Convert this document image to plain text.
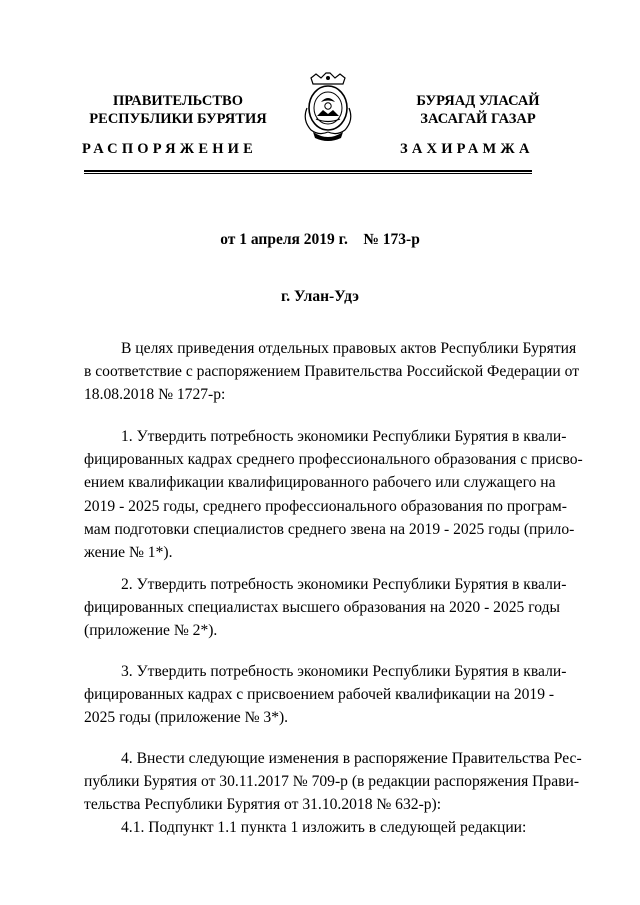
ПРАВИТЕЛЬСТВО
РЕСПУБЛИКИ БУРЯТИЯ
БУРЯАД УЛАСАЙ
ЗАСАГАЙ ГАЗАР
РАСПОРЯЖЕНИЕ	ЗАХИРАМЖА
от 1 апреля 2019 г. № 173-р
г. Улан-Удэ
В целях приведения отдельных правовых актов Республики Бурятия
в соответствие с распоряжением Правительства Российской Федерации от
18.08.2018 № 1727-р:
1. Утвердить потребность экономики Республики Бурятия в квали-
фицированных кадрах среднего профессионального образования с присво-
ением квалификации квалифицированного рабочего или служащего на
2019 - 2025 годы, среднего профессионального образования по програм-
мам подготовки специалистов среднего звена на 2019 - 2025 годы (прило-
жение № 1*).
2. Утвердить потребность экономики Республики Бурятия в квали-
фицированных специалистах высшего образования на 2020 - 2025 годы
(приложение № 2*).
3. Утвердить потребность экономики Республики Бурятия в квали-
фицированных кадрах с присвоением рабочей квалификации на 2019 -
2025 годы (приложение № 3*).
4. Внести следующие изменения в распоряжение Правительства Рес-
публики Бурятия от 30.11.2017 № 709-р (в редакции распоряжения Прави-
тельства Республики Бурятия от 31.10.2018 № 632-р):
4.1. Подпункт 1.1 пункта 1 изложить в следующей редакции:
